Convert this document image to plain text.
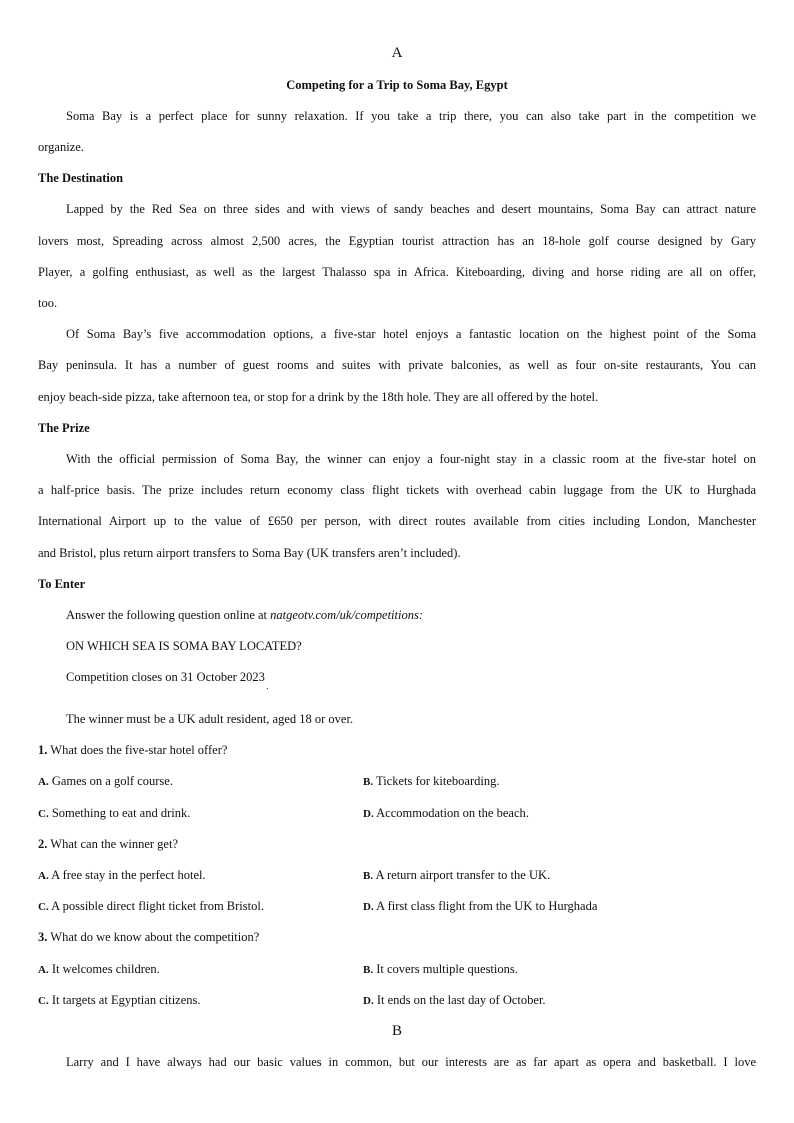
A
Competing for a Trip to Soma Bay, Egypt
Soma Bay is a perfect place for sunny relaxation. If you take a trip there, you can also take part in the competition we
organize.
The Destination
Lapped by the Red Sea on three sides and with views of sandy beaches and desert mountains, Soma Bay can attract nature
lovers most, Spreading across almost 2,500 acres, the Egyptian tourist attraction has an 18-hole golf course designed by Gary
Player, a golfing enthusiast, as well as the largest Thalasso spa in Africa. Kiteboarding, diving and horse riding are all on offer,
too.
Of Soma Bay’s five accommodation options, a five-star hotel enjoys a fantastic location on the highest point of the Soma
Bay peninsula. It has a number of guest rooms and suites with private balconies, as well as four on-site restaurants, You can
enjoy beach-side pizza, take afternoon tea, or stop for a drink by the 18th hole. They are all offered by the hotel.
The Prize
With the official permission of Soma Bay, the winner can enjoy a four-night stay in a classic room at the five-star hotel on
a half-price basis. The prize includes return economy class flight tickets with overhead cabin luggage from the UK to Hurghada
International Airport up to the value of £650 per person, with direct routes available from cities including London, Manchester
and Bristol, plus return airport transfers to Soma Bay (UK transfers aren’t included).
To Enter
Answer the following question online at natgeotv.com/uk/competitions:
ON WHICH SEA IS SOMA BAY LOCATED?
Competition closes on 31 October 2023 $_.$
The winner must be a UK adult resident, aged 18 or over.
1. What does the five-star hotel offer?
A. Games on a golf course.	B. Tickets for kiteboarding.
C. Something to eat and drink.	D. Accommodation on the beach.
2. What can the winner get?
A. A free stay in the perfect hotel.	B. A return airport transfer to the UK.
C. A possible direct flight ticket from Bristol.	D. A first class flight from the UK to Hurghada
3. What do we know about the competition?
A. It welcomes children.	B. It covers multiple questions.
C. It targets at Egyptian citizens.	D. It ends on the last day of October.
B
Larry and I have always had our basic values in common, but our interests are as far apart as opera and basketball. I love
